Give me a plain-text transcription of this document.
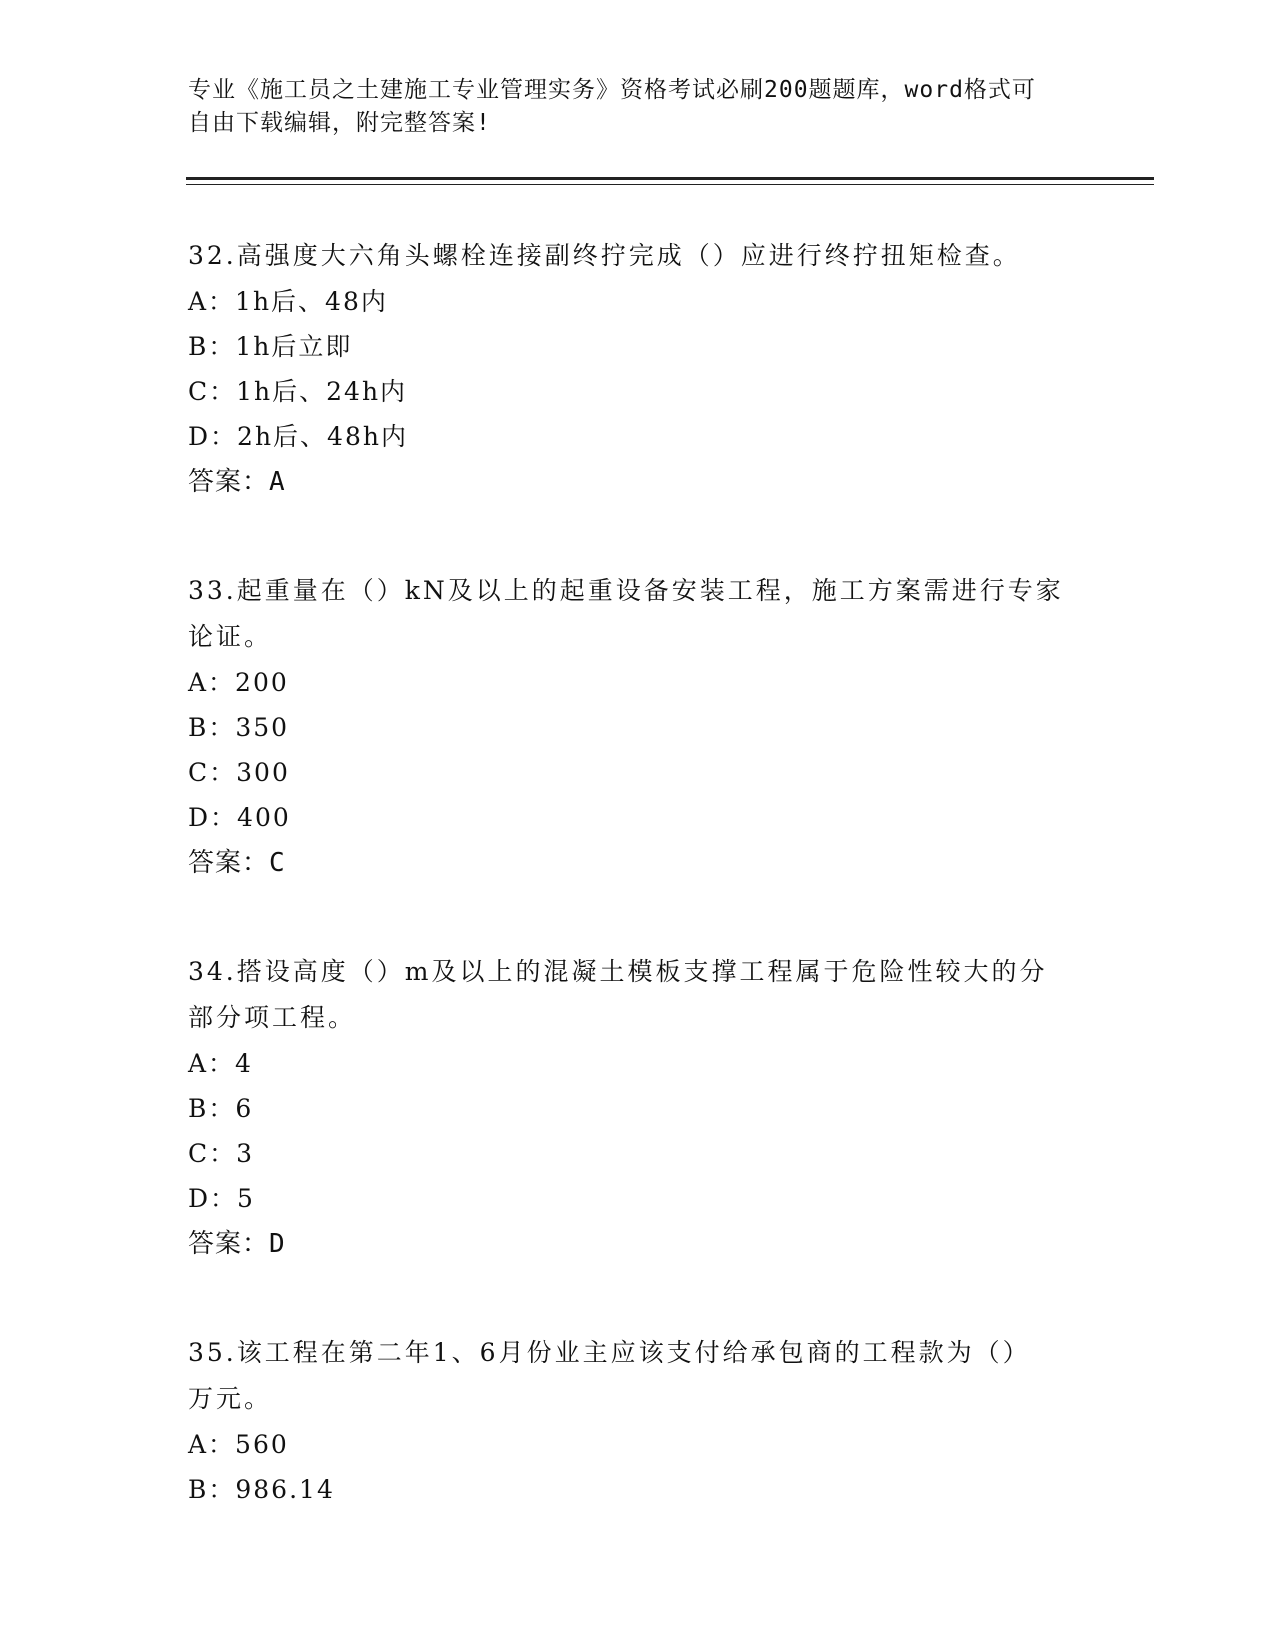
专业《施工员之土建施工专业管理实务》资格考试必刷200题题库，word格式可
自由下载编辑，附完整答案!
32.高强度大六角头螺栓连接副终拧完成（）应进行终拧扭矩检查。
A：1h后、48内
B：1h后立即
C：1h后、24h内
D：2h后、48h内
答案：A
33.起重量在（）kN及以上的起重设备安装工程，施工方案需进行专家
论证。
A：200
B：350
C：300
D：400
答案：C
34.搭设高度（）m及以上的混凝土模板支撑工程属于危险性较大的分
部分项工程。
A：4
B：6
C：3
D：5
答案：D
35.该工程在第二年1、6月份业主应该支付给承包商的工程款为（）
万元。
A：560
B：986.14
